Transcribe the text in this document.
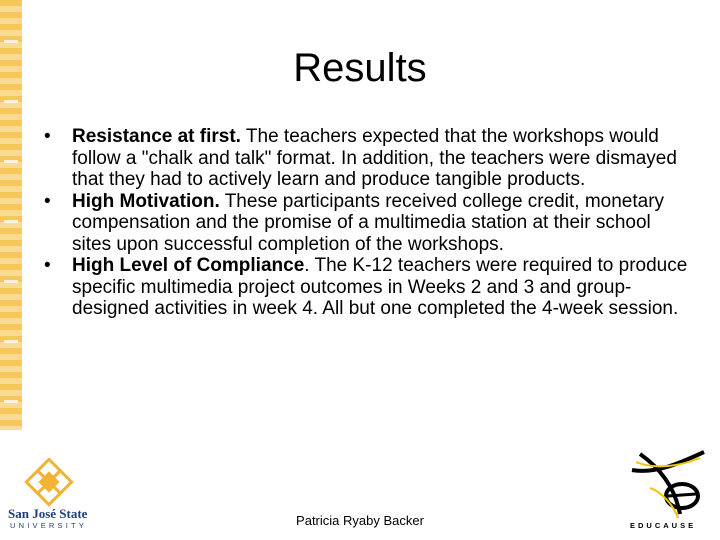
Results
• Resistance at first. The teachers expected that the workshops would follow a "chalk and talk" format. In addition, the teachers were dismayed that they had to actively learn and produce tangible products.
• High Motivation. These participants received college credit, monetary compensation and the promise of a multimedia station at their school sites upon successful completion of the workshops.
• High Level of Compliance. The K-12 teachers were required to produce specific multimedia project outcomes in Weeks 2 and 3 and group-designed activities in week 4. All but one completed the 4-week session.
San José State
UNIVERSITY	Patricia Ryaby Backer	EDUCAUSE
